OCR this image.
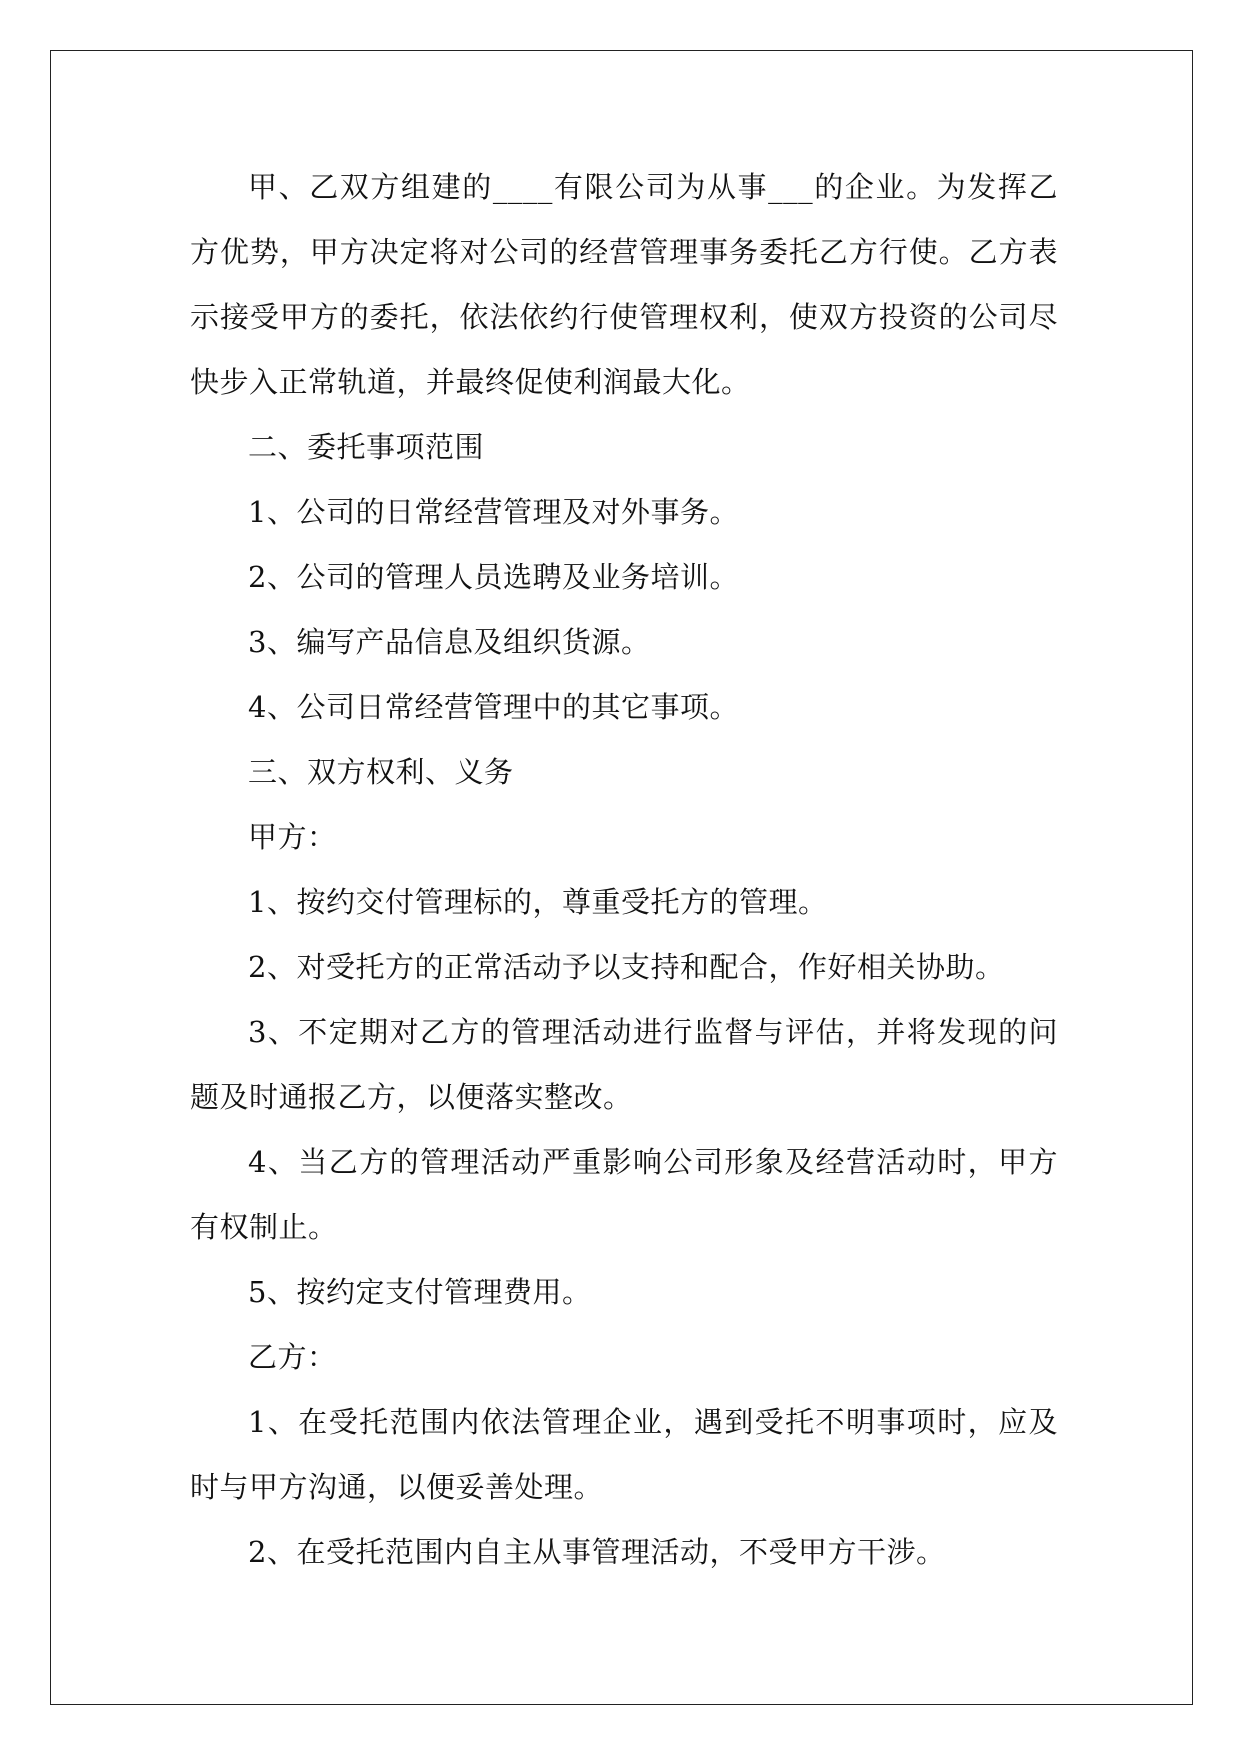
甲、乙双方组建的____有限公司为从事___的企业。为发挥乙方优势，甲方决定将对公司的经营管理事务委托乙方行使。乙方表示接受甲方的委托，依法依约行使管理权利，使双方投资的公司尽快步入正常轨道，并最终促使利润最大化。

二、委托事项范围

1、公司的日常经营管理及对外事务。

2、公司的管理人员选聘及业务培训。

3、编写产品信息及组织货源。

4、公司日常经营管理中的其它事项。

三、双方权利、义务

甲方：

1、按约交付管理标的，尊重受托方的管理。

2、对受托方的正常活动予以支持和配合，作好相关协助。

3、不定期对乙方的管理活动进行监督与评估，并将发现的问题及时通报乙方，以便落实整改。

4、当乙方的管理活动严重影响公司形象及经营活动时，甲方有权制止。

5、按约定支付管理费用。

乙方：

1、在受托范围内依法管理企业，遇到受托不明事项时，应及时与甲方沟通，以便妥善处理。

2、在受托范围内自主从事管理活动，不受甲方干涉。
